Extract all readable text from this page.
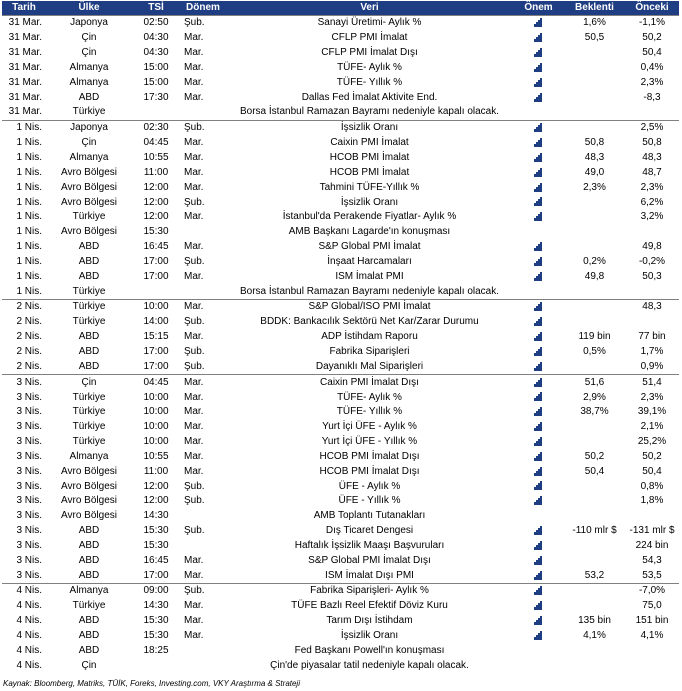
Tarih	Ülke	TSİ	Dönem	Veri	Önem	Beklenti	Önceki
31 Mar.	Japonya	02:50	Şub.	Sanayi Üretimi- Aylık %		1,6%	-1,1%
31 Mar.	Çin	04:30	Mar.	CFLP PMI İmalat		50,5	50,2
31 Mar.	Çin	04:30	Mar.	CFLP PMI İmalat Dışı			50,4
31 Mar.	Almanya	15:00	Mar.	TÜFE- Aylık %			0,4%
31 Mar.	Almanya	15:00	Mar.	TÜFE- Yıllık %			2,3%
31 Mar.	ABD	17:30	Mar.	Dallas Fed İmalat Aktivite End.			-8,3
31 Mar.	Türkiye			Borsa İstanbul Ramazan Bayramı nedeniyle kapalı olacak.			
1 Nis.	Japonya	02:30	Şub.	İşsizlik Oranı			2,5%
1 Nis.	Çin	04:45	Mar.	Caixin PMI İmalat		50,8	50,8
1 Nis.	Almanya	10:55	Mar.	HCOB PMI İmalat		48,3	48,3
1 Nis.	Avro Bölgesi	11:00	Mar.	HCOB PMI İmalat		49,0	48,7
1 Nis.	Avro Bölgesi	12:00	Mar.	Tahmini TÜFE-Yıllık %		2,3%	2,3%
1 Nis.	Avro Bölgesi	12:00	Şub.	İşsizlik Oranı			6,2%
1 Nis.	Türkiye	12:00	Mar.	İstanbul'da Perakende Fiyatlar- Aylık %			3,2%
1 Nis.	Avro Bölgesi	15:30		AMB Başkanı Lagarde'ın konuşması			
1 Nis.	ABD	16:45	Mar.	S&P Global PMI İmalat			49,8
1 Nis.	ABD	17:00	Şub.	İnşaat Harcamaları		0,2%	-0,2%
1 Nis.	ABD	17:00	Mar.	ISM İmalat PMI		49,8	50,3
1 Nis.	Türkiye			Borsa İstanbul Ramazan Bayramı nedeniyle kapalı olacak.			
2 Nis.	Türkiye	10:00	Mar.	S&P Global/ISO PMI İmalat			48,3
2 Nis.	Türkiye	14:00	Şub.	BDDK: Bankacılık Sektörü Net Kar/Zarar Durumu	

2 Nis.	ABD	15:15	Mar.	ADP İstihdam Raporu		119 bin	77 bin
2 Nis.	ABD	17:00	Şub.	Fabrika Siparişleri		0,5%	1,7%
2 Nis.	ABD	17:00	Şub.	Dayanıklı Mal Siparişleri			0,9%
3 Nis.	Çin	04:45	Mar.	Caixin PMI İmalat Dışı		51,6	51,4
3 Nis.	Türkiye	10:00	Mar.	TÜFE- Aylık %		2,9%	2,3%
3 Nis.	Türkiye	10:00	Mar.	TÜFE- Yıllık %		38,7%	39,1%
3 Nis.	Türkiye	10:00	Mar.	Yurt İçi ÜFE - Aylık %			2,1%
3 Nis.	Türkiye	10:00	Mar.	Yurt İçi ÜFE - Yıllık %			25,2%
3 Nis.	Almanya	10:55	Mar.	HCOB PMI İmalat Dışı		50,2	50,2
3 Nis.	Avro Bölgesi	11:00	Mar.	HCOB PMI İmalat Dışı		50,4	50,4
3 Nis.	Avro Bölgesi	12:00	Şub.	ÜFE - Aylık %			0,8%
3 Nis.	Avro Bölgesi	12:00	Şub.	ÜFE - Yıllık %			1,8%
3 Nis.	Avro Bölgesi	14:30		AMB Toplantı Tutanakları			
3 Nis.	ABD	15:30	Şub.	Dış Ticaret Dengesi		-110 mlr $	-131 mlr $
3 Nis.	ABD	15:30		Haftalık İşsizlik Maaşı Başvuruları			224 bin
3 Nis.	ABD	16:45	Mar.	S&P Global PMI İmalat Dışı			54,3
3 Nis.	ABD	17:00	Mar.	ISM İmalat Dışı PMI		53,2	53,5
4 Nis.	Almanya	09:00	Şub.	Fabrika Siparişleri- Aylık %			-7,0%
4 Nis.	Türkiye	14:30	Mar.	TÜFE Bazlı Reel Efektif Döviz Kuru			75,0
4 Nis.	ABD	15:30	Mar.	Tarım Dışı İstihdam		135 bin	151 bin
4 Nis.	ABD	15:30	Mar.	İşsizlik Oranı		4,1%	4,1%
4 Nis.	ABD	18:25		Fed Başkanı Powell'ın konuşması			
4 Nis.	Çin			Çin'de piyasalar tatil nedeniyle kapalı olacak.			
Kaynak: Bloomberg, Matriks, TÜİK, Foreks, Investing.com, VKY Araştırma & Strateji
